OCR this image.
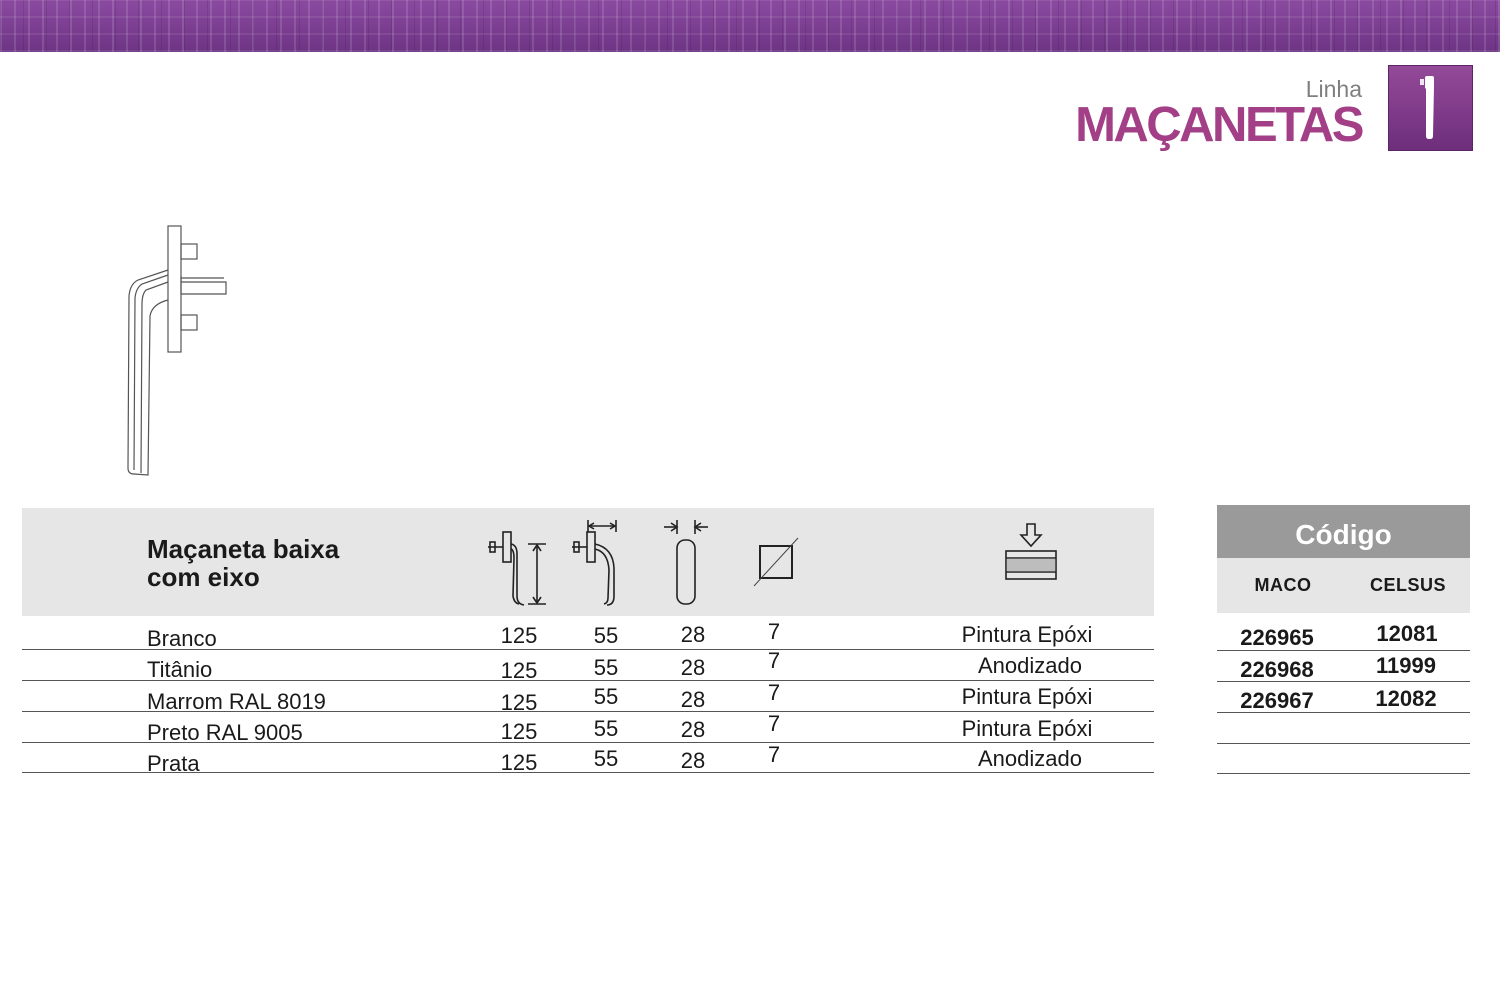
Linha
MAÇANETAS
Maçaneta baixa
com eixo
Branco	125	55	28	7	Pintura Epóxi
Titânio	125	55	28	7	Anodizado
Marrom RAL 8019	125	55	28	7	Pintura Epóxi
Preto RAL 9005	125	55	28	7	Pintura Epóxi
Prata	125	55	28	7	Anodizado
Código
MACO	CELSUS
226965	12081
226968	11999
226967	12082
